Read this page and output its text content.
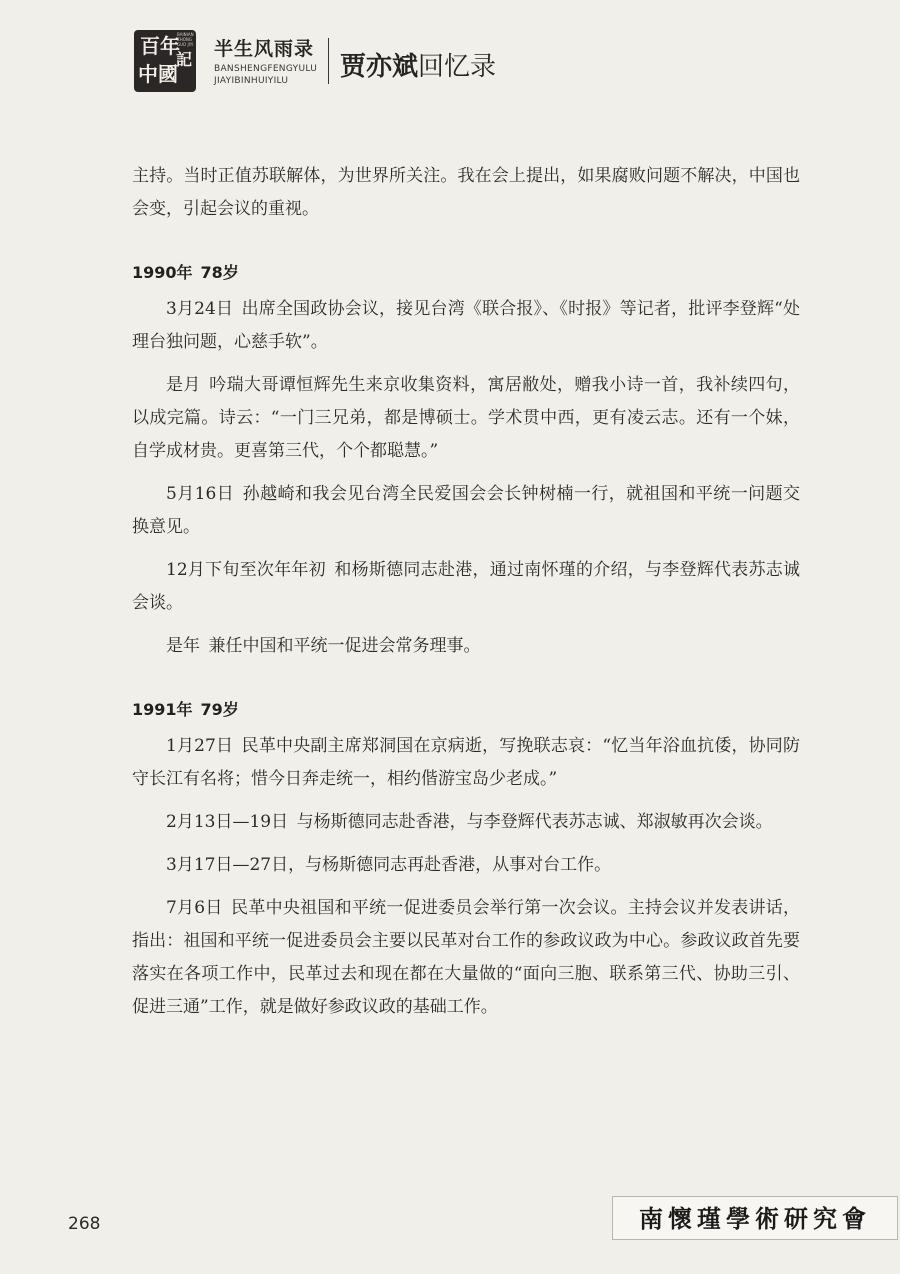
百 年
中 國
記
BAINIAN ZHONGGUO JIYI 半生风雨录
BANSHENGFENGYULU
JIAYIBINHUIYILU	贾亦斌回忆录

主持。当时正值苏联解体，为世界所关注。我在会上提出，如果腐败问题不解决，中国也会变，引起会议的重视。

1990年 78岁

3月24日 出席全国政协会议，接见台湾《联合报》、《时报》等记者，批评李登辉“处理台独问题，心慈手软”。

是月 吟瑞大哥谭恒辉先生来京收集资料，寓居敝处，赠我小诗一首，我补续四句，以成完篇。诗云：“一门三兄弟，都是博硕士。学术贯中西，更有凌云志。还有一个妹，自学成材贵。更喜第三代，个个都聪慧。”

5月16日 孙越崎和我会见台湾全民爱国会会长钟树楠一行，就祖国和平统一问题交换意见。

12月下旬至次年年初 和杨斯德同志赴港，通过南怀瑾的介绍，与李登辉代表苏志诚会谈。

是年 兼任中国和平统一促进会常务理事。

1991年 79岁

1月27日 民革中央副主席郑洞国在京病逝，写挽联志哀：“忆当年浴血抗倭，协同防守长江有名将；惜今日奔走统一，相约偕游宝岛少老成。”

2月13日—19日 与杨斯德同志赴香港，与李登辉代表苏志诚、郑淑敏再次会谈。

3月17日—27日，与杨斯德同志再赴香港，从事对台工作。

7月6日 民革中央祖国和平统一促进委员会举行第一次会议。主持会议并发表讲话，指出：祖国和平统一促进委员会主要以民革对台工作的参政议政为中心。参政议政首先要落实在各项工作中，民革过去和现在都在大量做的“面向三胞、联系第三代、协助三引、促进三通”工作，就是做好参政议政的基础工作。

268	南懷瑾學術研究會
